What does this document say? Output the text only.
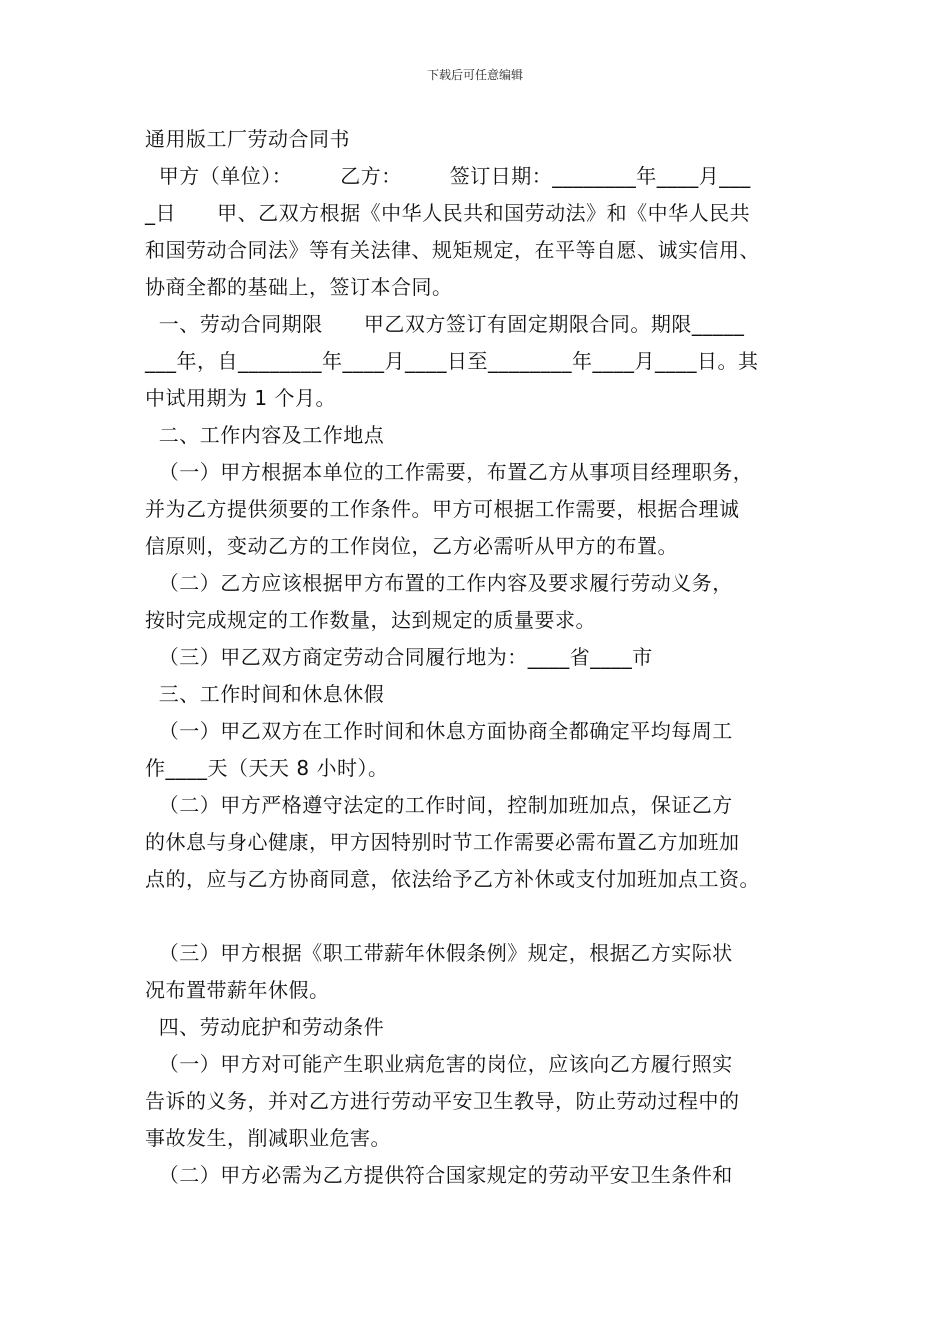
下载后可任意编辑
通用版工厂劳动合同书
甲方（单位）：       乙方：       签订日期：________年____月___
_日      甲、乙双方根据《中华人民共和国劳动法》和《中华人民共
和国劳动合同法》等有关法律、规矩规定，在平等自愿、诚实信用、
协商全都的基础上，签订本合同。
一、劳动合同期限      甲乙双方签订有固定期限合同。期限_____
___年，自________年____月____日至________年____月____日。其
中试用期为 1 个月。
二、工作内容及工作地点
（一）甲方根据本单位的工作需要，布置乙方从事项目经理职务，
并为乙方提供须要的工作条件。甲方可根据工作需要，根据合理诚
信原则，变动乙方的工作岗位，乙方必需听从甲方的布置。
（二）乙方应该根据甲方布置的工作内容及要求履行劳动义务，
按时完成规定的工作数量，达到规定的质量要求。
（三）甲乙双方商定劳动合同履行地为：____省____市
三、工作时间和休息休假
（一）甲乙双方在工作时间和休息方面协商全都确定平均每周工
作____天（天天 8 小时）。
（二）甲方严格遵守法定的工作时间，控制加班加点，保证乙方
的休息与身心健康，甲方因特别时节工作需要必需布置乙方加班加
点的，应与乙方协商同意，依法给予乙方补休或支付加班加点工资。
（三）甲方根据《职工带薪年休假条例》规定，根据乙方实际状
况布置带薪年休假。
四、劳动庇护和劳动条件
（一）甲方对可能产生职业病危害的岗位，应该向乙方履行照实
告诉的义务，并对乙方进行劳动平安卫生教导，防止劳动过程中的
事故发生，削减职业危害。
（二）甲方必需为乙方提供符合国家规定的劳动平安卫生条件和
